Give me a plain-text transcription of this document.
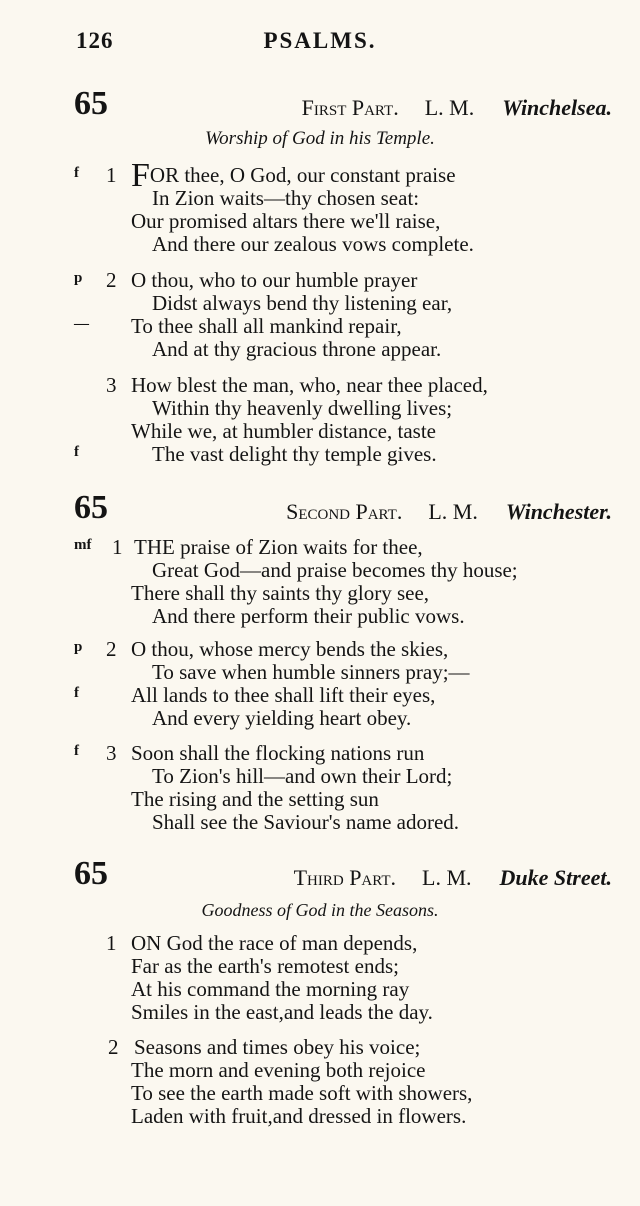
126	PSALMS.
65	First Part. L. M. Winchelsea.
Worship of God in his Temple.
f 1 FOR thee, O God, our constant praise
In Zion waits—thy chosen seat:
Our promised altars there we'll raise,
And there our zealous vows complete.
p 2 O thou, who to our humble prayer
Didst always bend thy listening ear,
— To thee shall all mankind repair,
And at thy gracious throne appear.
3 How blest the man, who, near thee placed,
Within thy heavenly dwelling lives;
While we, at humbler distance, taste
f	The vast delight thy temple gives.
65	Second Part. L. M. Winchester.
mf 1 THE praise of Zion waits for thee,
Great God—and praise becomes thy house;
There shall thy saints thy glory see,
And there perform their public vows.
p 2 O thou, whose mercy bends the skies,
To save when humble sinners pray;—
f All lands to thee shall lift their eyes,
And every yielding heart obey.
f 3 Soon shall the flocking nations run
To Zion's hill—and own their Lord;
The rising and the setting sun
Shall see the Saviour's name adored.
65	Third Part. L. M. Duke Street.
Goodness of God in the Seasons.
1 ON God the race of man depends,
Far as the earth's remotest ends;
At his command the morning ray
Smiles in the east,and leads the day.
2 Seasons and times obey his voice;
The morn and evening both rejoice
To see the earth made soft with showers,
Laden with fruit,and dressed in flowers.
